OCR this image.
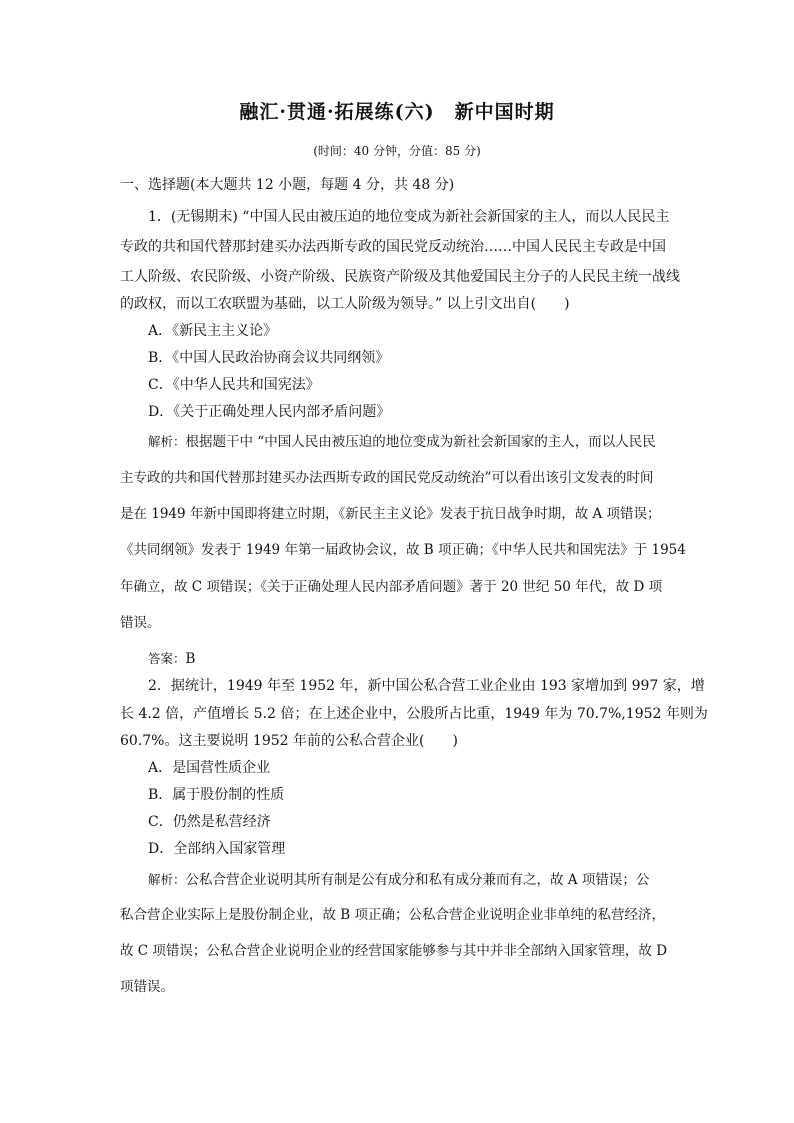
融汇·贯通·拓展练(六)　新中国时期
(时间：40 分钟，分值：85 分)
一、选择题(本大题共 12 小题，每题 4 分，共 48 分)
1．(无锡期末) “中国人民由被压迫的地位变成为新社会新国家的主人，而以人民民主
专政的共和国代替那封建买办法西斯专政的国民党反动统治……中国人民民主专政是中国
工人阶级、农民阶级、小资产阶级、民族资产阶级及其他爱国民主分子的人民民主统一战线
的政权，而以工农联盟为基础，以工人阶级为领导。” 以上引文出自(　　)
A．《新民主主义论》
B．《中国人民政治协商会议共同纲领》
C．《中华人民共和国宪法》
D．《关于正确处理人民内部矛盾问题》
解析：根据题干中 “中国人民由被压迫的地位变成为新社会新国家的主人，而以人民民
主专政的共和国代替那封建买办法西斯专政的国民党反动统治”可以看出该引文发表的时间
是在 1949 年新中国即将建立时期，《新民主主义论》发表于抗日战争时期，故 A 项错误；
《共同纲领》发表于 1949 年第一届政协会议，故 B 项正确；《中华人民共和国宪法》于 1954
年确立，故 C 项错误；《关于正确处理人民内部矛盾问题》著于 20 世纪 50 年代，故 D 项
错误。
答案：B
2．据统计，1949 年至 1952 年，新中国公私合营工业企业由 193 家增加到 997 家，增
长 4.2 倍，产值增长 5.2 倍；在上述企业中，公股所占比重，1949 年为 70.7%,1952 年则为
60.7%。这主要说明 1952 年前的公私合营企业(　　)
A．是国营性质企业
B．属于股份制的性质
C．仍然是私营经济
D．全部纳入国家管理
解析：公私合营企业说明其所有制是公有成分和私有成分兼而有之，故 A 项错误；公
私合营企业实际上是股份制企业，故 B 项正确；公私合营企业说明企业非单纯的私营经济，
故 C 项错误；公私合营企业说明企业的经营国家能够参与其中并非全部纳入国家管理，故 D
项错误。
